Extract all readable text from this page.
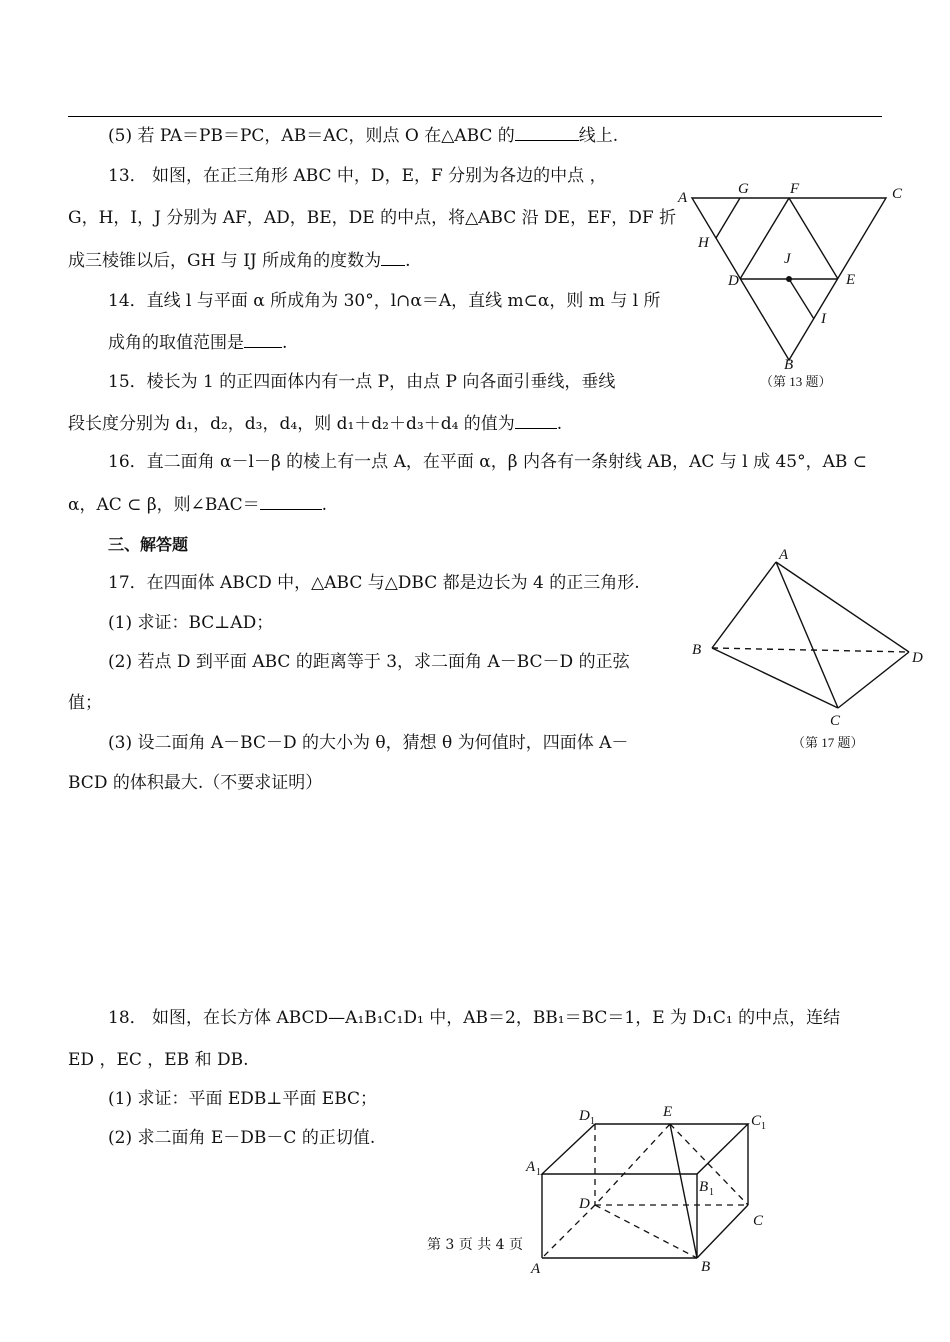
(5) 若 PA＝PB＝PC，AB＝AC，则点 O 在△ABC 的	线上.
13． 如图，在正三角形 ABC 中，D，E，F 分别为各边的中点 ，
G，H，I，J 分别为 AF，AD，BE，DE 的中点，将△ABC 沿 DE，EF，DF 折
成三棱锥以后，GH 与 IJ 所成角的度数为 .
14．直线 l 与平面 α 所成角为 30°，l∩α＝A，直线 m⊂α，则 m 与 l 所
成角的取值范围是 .
15．棱长为 1 的正四面体内有一点 P，由点 P 向各面引垂线，垂线
段长度分别为 d₁，d₂，d₃，d₄，则 d₁＋d₂＋d₃＋d₄ 的值为 .
16．直二面角 α－l－β 的棱上有一点 A，在平面 α，β 内各有一条射线 AB，AC 与 l 成 45°，AB ⊂
α，AC ⊂ β，则∠BAC＝	.
三、解答题
17．在四面体 ABCD 中，△ABC 与△DBC 都是边长为 4 的正三角形.
(1) 求证：BC⊥AD；
(2) 若点 D 到平面 ABC 的距离等于 3，求二面角 A－BC－D 的正弦
值；
(3) 设二面角 A－BC－D 的大小为 θ，猜想 θ 为何值时，四面体 A－
BCD 的体积最大.（不要求证明）
18． 如图，在长方体 ABCD—A₁B₁C₁D₁ 中，AB＝2，BB₁＝BC＝1，E 为 D₁C₁ 的中点，连结
ED ，EC ，EB 和 DB.
(1) 求证：平面 EDB⊥平面 EBC；
(2) 求二面角 E－DB－C 的正切值.
A
G	F	C
H
J
D	E
I
B
（第 13 题）
A
B	D
C
（第 17 题）
D 1
E
C 1
A 1
B 1
D
C
A	B
第 3 页 共 4 页
